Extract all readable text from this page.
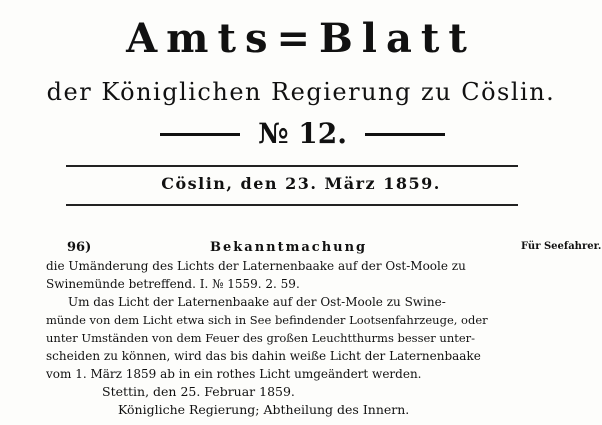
Amts=Blatt
der Königlichen Regierung zu Cöslin.
№ 12.
Cöslin, den 23. März 1859.
96)	Bekanntmachung	Für Seefahrer.
die Umänderung des Lichts der Laternenbaake auf der Ost-Moole zu
Swinemünde betreffend. I. № 1559. 2. 59.
Um das Licht der Laternenbaake auf der Ost-Moole zu Swine-
münde von dem Licht etwa sich in See befindender Lootsenfahrzeuge, oder
unter Umständen von dem Feuer des großen Leuchtthurms besser unter-
scheiden zu können, wird das bis dahin weiße Licht der Laternenbaake
vom 1. März 1859 ab in ein rothes Licht umgeändert werden.
Stettin, den 25. Februar 1859.
Königliche Regierung; Abtheilung des Innern.
